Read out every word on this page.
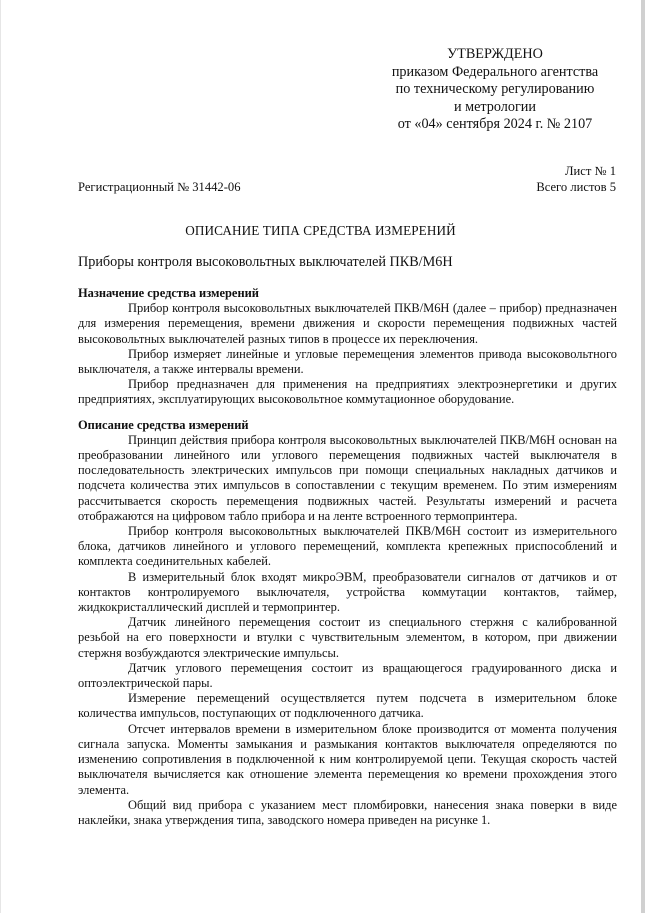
УТВЕРЖДЕНО
приказом Федерального агентства
по техническому регулированию
и метрологии
от «04» сентября 2024 г. № 2107
Лист № 1
Всего листов 5
Регистрационный № 31442-06
ОПИСАНИЕ ТИПА СРЕДСТВА ИЗМЕРЕНИЙ
Приборы контроля высоковольтных выключателей ПКВ/М6Н
Назначение средства измерений

Прибор контроля высоковольтных выключателей ПКВ/М6Н (далее – прибор) предназначен для измерения перемещения, времени движения и скорости перемещения подвижных частей высоковольтных выключателей разных типов в процессе их переключения.

Прибор измеряет линейные и угловые перемещения элементов привода высоковольтного выключателя, а также интервалы времени.

Прибор предназначен для применения на предприятиях электроэнергетики и других предприятиях, эксплуатирующих высоковольтное коммутационное оборудование.

Описание средства измерений

Принцип действия прибора контроля высоковольтных выключателей ПКВ/М6Н основан на преобразовании линейного или углового перемещения подвижных частей выключателя в последовательность электрических импульсов при помощи специальных накладных датчиков и подсчета количества этих импульсов в сопоставлении с текущим временем. По этим измерениям рассчитывается скорость перемещения подвижных частей. Результаты измерений и расчета отображаются на цифровом табло прибора и на ленте встроенного термопринтера.

Прибор контроля высоковольтных выключателей ПКВ/М6Н состоит из измерительного блока, датчиков линейного и углового перемещений, комплекта крепежных приспособлений и комплекта соединительных кабелей.

В измерительный блок входят микроЭВМ, преобразователи сигналов от датчиков и от контактов контролируемого выключателя, устройства коммутации контактов, таймер, жидкокристаллический дисплей и термопринтер.

Датчик линейного перемещения состоит из специального стержня с калиброванной резьбой на его поверхности и втулки с чувствительным элементом, в котором, при движении стержня возбуждаются электрические импульсы.

Датчик углового перемещения состоит из вращающегося градуированного диска и оптоэлектрической пары.

Измерение перемещений осуществляется путем подсчета в измерительном блоке количества импульсов, поступающих от подключенного датчика.

Отсчет интервалов времени в измерительном блоке производится от момента получения сигнала запуска. Моменты замыкания и размыкания контактов выключателя определяются по изменению сопротивления в подключенной к ним контролируемой цепи. Текущая скорость частей выключателя вычисляется как отношение элемента перемещения ко времени прохождения этого элемента.

Общий вид прибора с указанием мест пломбировки, нанесения знака поверки в виде наклейки, знака утверждения типа, заводского номера приведен на рисунке 1.
